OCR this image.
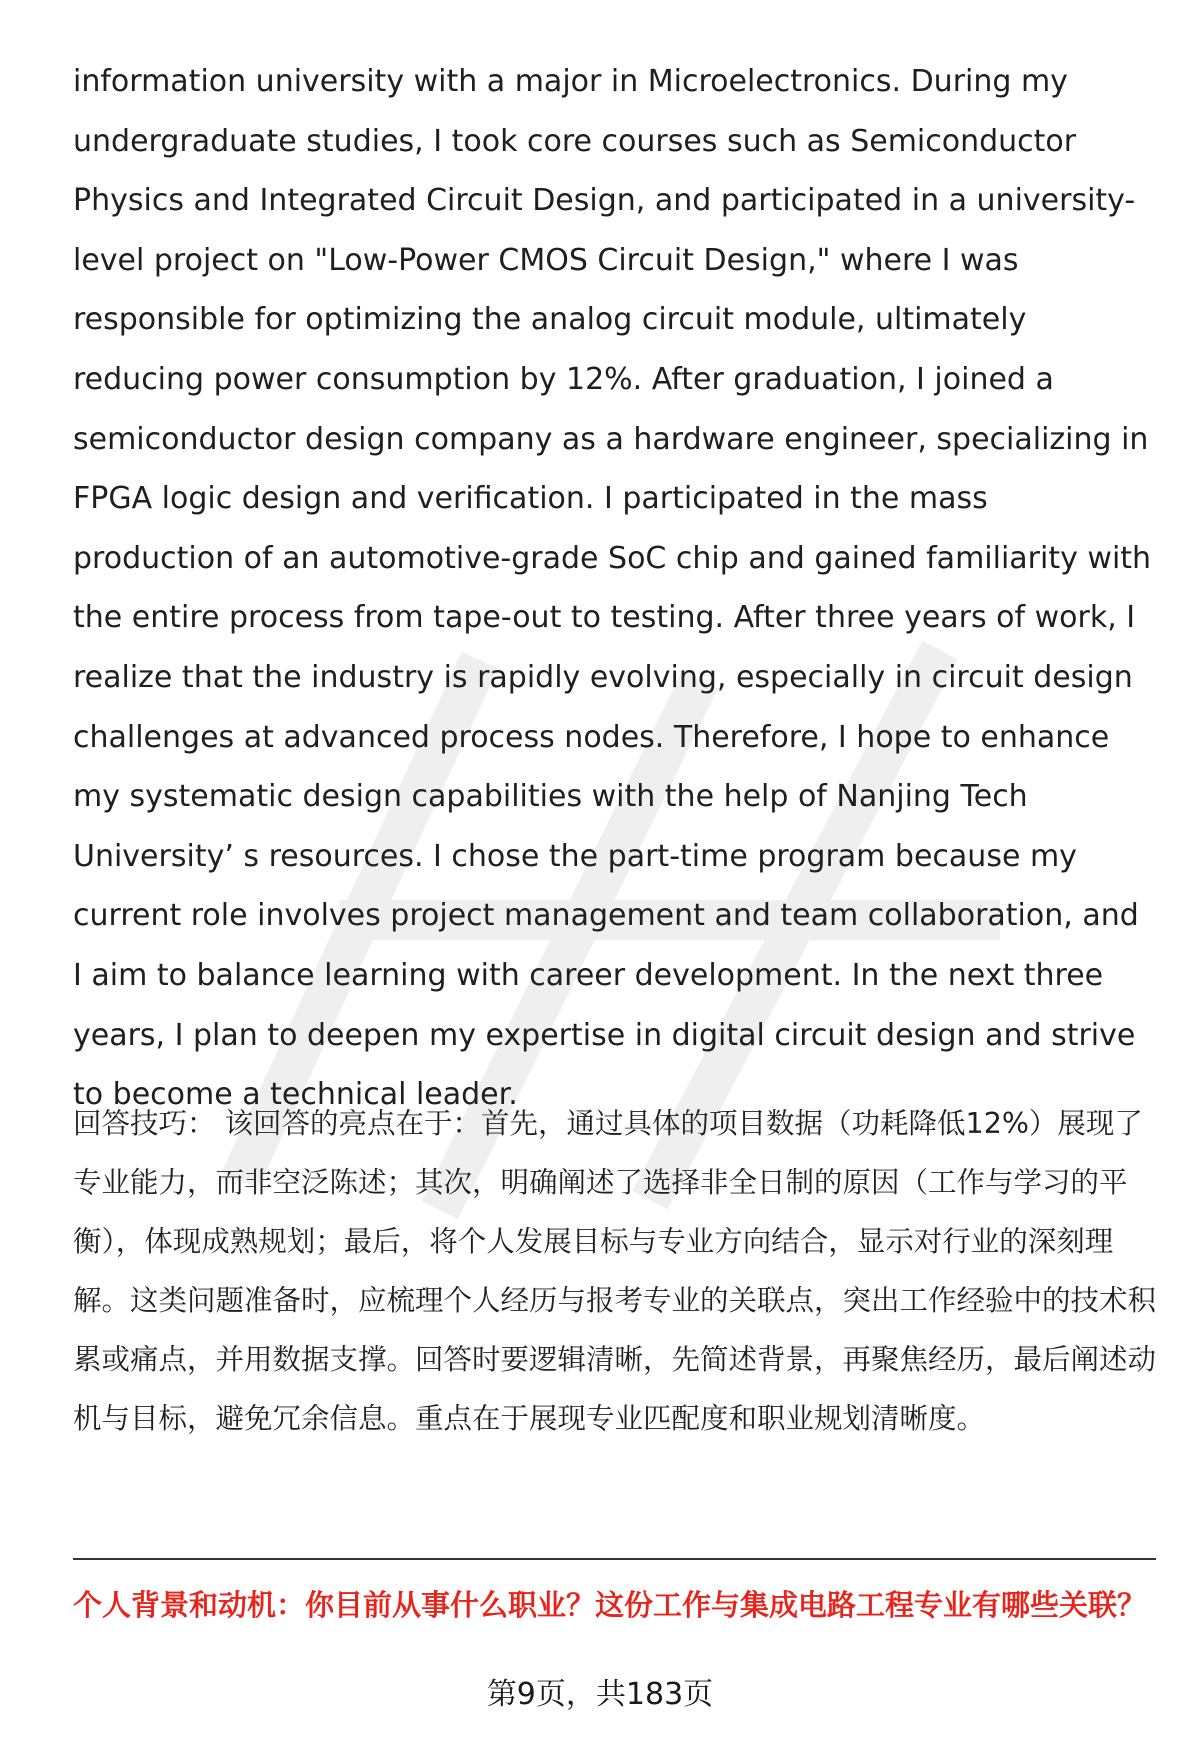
information university with a major in Microelectronics. During my undergraduate studies, I took core courses such as Semiconductor Physics and Integrated Circuit Design, and participated in a university-level project on "Low-Power CMOS Circuit Design," where I was responsible for optimizing the analog circuit module, ultimately reducing power consumption by 12%. After graduation, I joined a semiconductor design company as a hardware engineer, specializing in FPGA logic design and verification. I participated in the mass production of an automotive-grade SoC chip and gained familiarity with the entire process from tape-out to testing. After three years of work, I realize that the industry is rapidly evolving, especially in circuit design challenges at advanced process nodes. Therefore, I hope to enhance my systematic design capabilities with the help of Nanjing Tech University’ s resources. I chose the part-time program because my current role involves project management and team collaboration, and I aim to balance learning with career development. In the next three years, I plan to deepen my expertise in digital circuit design and strive to become a technical leader.

回答技巧： 该回答的亮点在于：首先，通过具体的项目数据（功耗降低12%）展现了专业能力，而非空泛陈述；其次，明确阐述了选择非全日制的原因（工作与学习的平衡），体现成熟规划；最后，将个人发展目标与专业方向结合，显示对行业的深刻理解。这类问题准备时，应梳理个人经历与报考专业的关联点，突出工作经验中的技术积累或痛点，并用数据支撑。回答时要逻辑清晰，先简述背景，再聚焦经历，最后阐述动机与目标，避免冗余信息。重点在于展现专业匹配度和职业规划清晰度。

个人背景和动机：你目前从事什么职业？这份工作与集成电路工程专业有哪些关联？

第9页，共183页
